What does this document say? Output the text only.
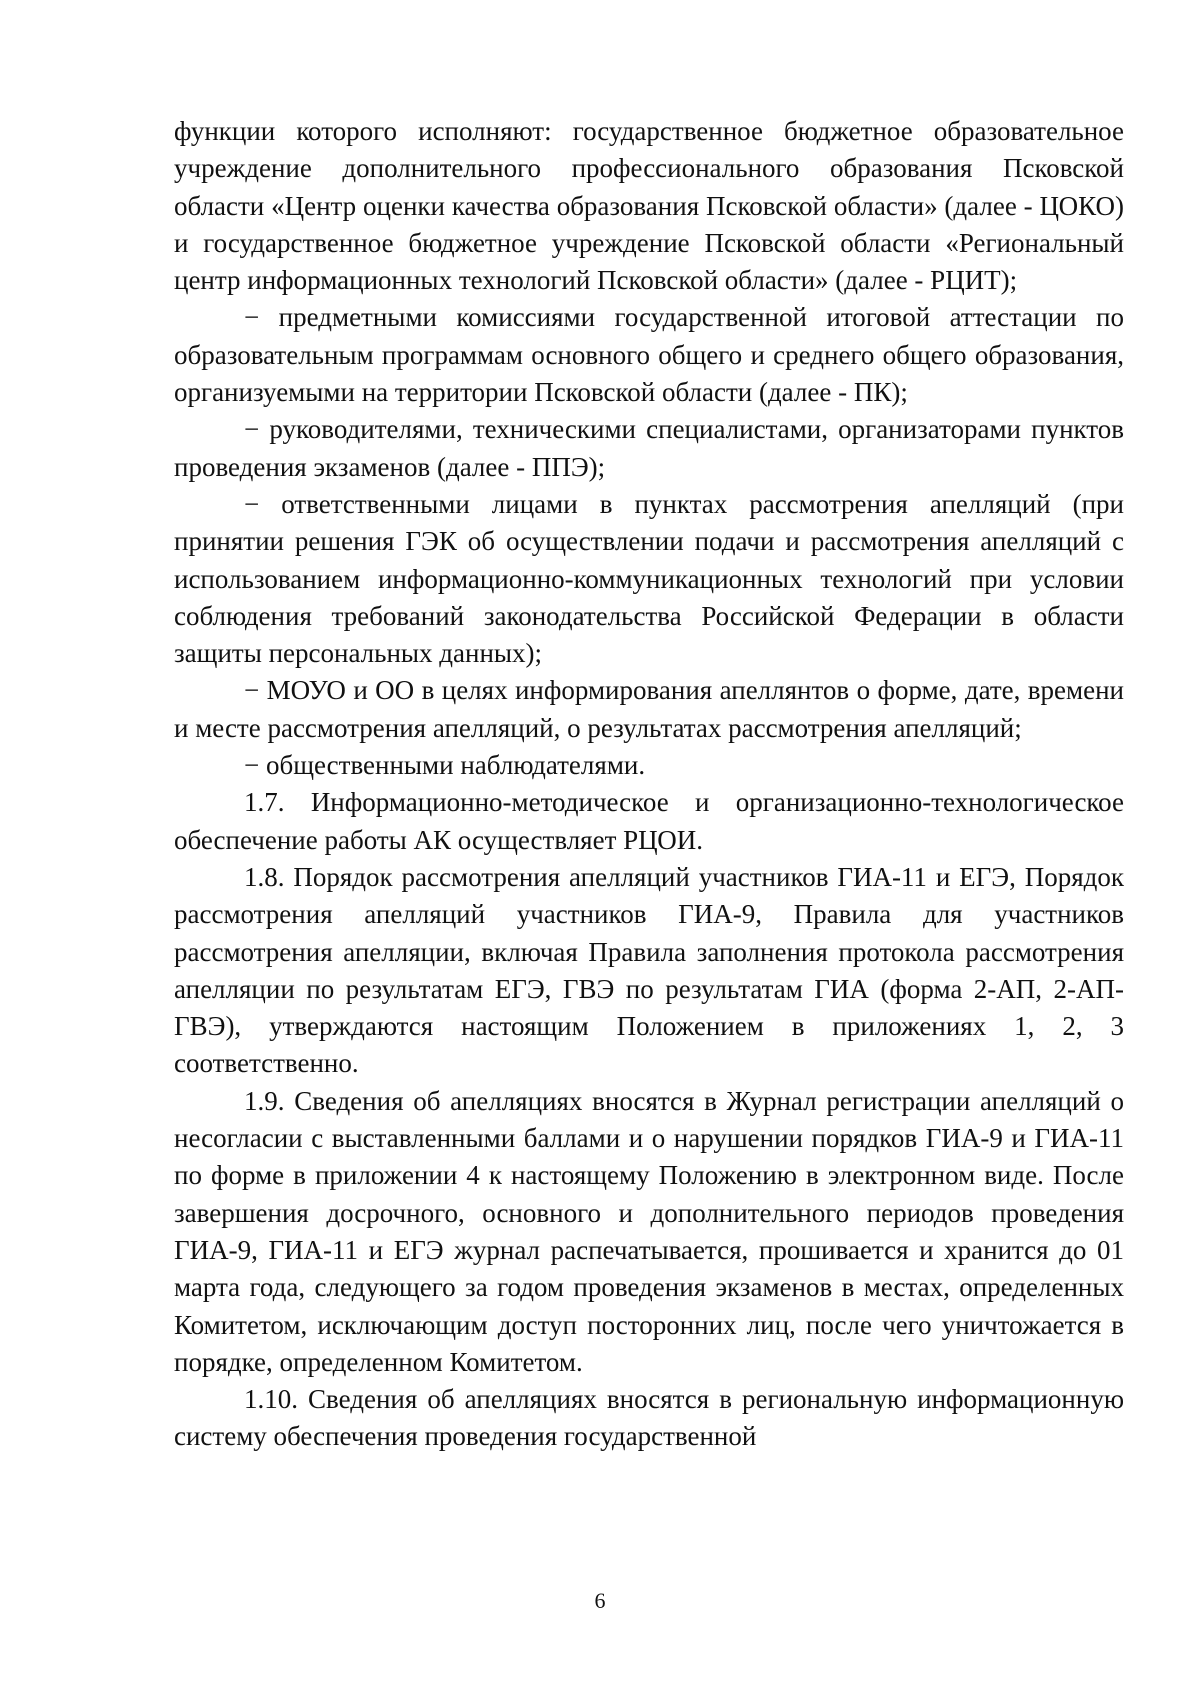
функции которого исполняют: государственное бюджетное образовательное учреждение дополнительного профессионального образования Псковской области «Центр оценки качества образования Псковской области» (далее - ЦОКО) и государственное бюджетное учреждение Псковской области «Региональный центр информационных технологий Псковской области» (далее - РЦИТ);

− предметными комиссиями государственной итоговой аттестации по образовательным программам основного общего и среднего общего образования, организуемыми на территории Псковской области (далее - ПК);

− руководителями, техническими специалистами, организаторами пунктов проведения экзаменов (далее - ППЭ);

− ответственными лицами в пунктах рассмотрения апелляций (при принятии решения ГЭК об осуществлении подачи и рассмотрения апелляций с использованием информационно-коммуникационных технологий при условии соблюдения требований законодательства Российской Федерации в области защиты персональных данных);

− МОУО и ОО в целях информирования апеллянтов о форме, дате, времени и месте рассмотрения апелляций, о результатах рассмотрения апелляций;

− общественными наблюдателями.

1.7. Информационно-методическое и организационно-технологическое обеспечение работы АК осуществляет РЦОИ.

1.8. Порядок рассмотрения апелляций участников ГИА-11 и ЕГЭ, Порядок рассмотрения апелляций участников ГИА-9, Правила для участников рассмотрения апелляции, включая Правила заполнения протокола рассмотрения апелляции по результатам ЕГЭ, ГВЭ по результатам ГИА (форма 2-АП, 2-АП-ГВЭ), утверждаются настоящим Положением в приложениях 1, 2, 3 соответственно.

1.9. Сведения об апелляциях вносятся в Журнал регистрации апелляций о несогласии с выставленными баллами и о нарушении порядков ГИА-9 и ГИА-11 по форме в приложении 4 к настоящему Положению в электронном виде. После завершения досрочного, основного и дополнительного периодов проведения ГИА-9, ГИА-11 и ЕГЭ журнал распечатывается, прошивается и хранится до 01 марта года, следующего за годом проведения экзаменов в местах, определенных Комитетом, исключающим доступ посторонних лиц, после чего уничтожается в порядке, определенном Комитетом.

1.10. Сведения об апелляциях вносятся в региональную информационную систему обеспечения проведения государственной

6
